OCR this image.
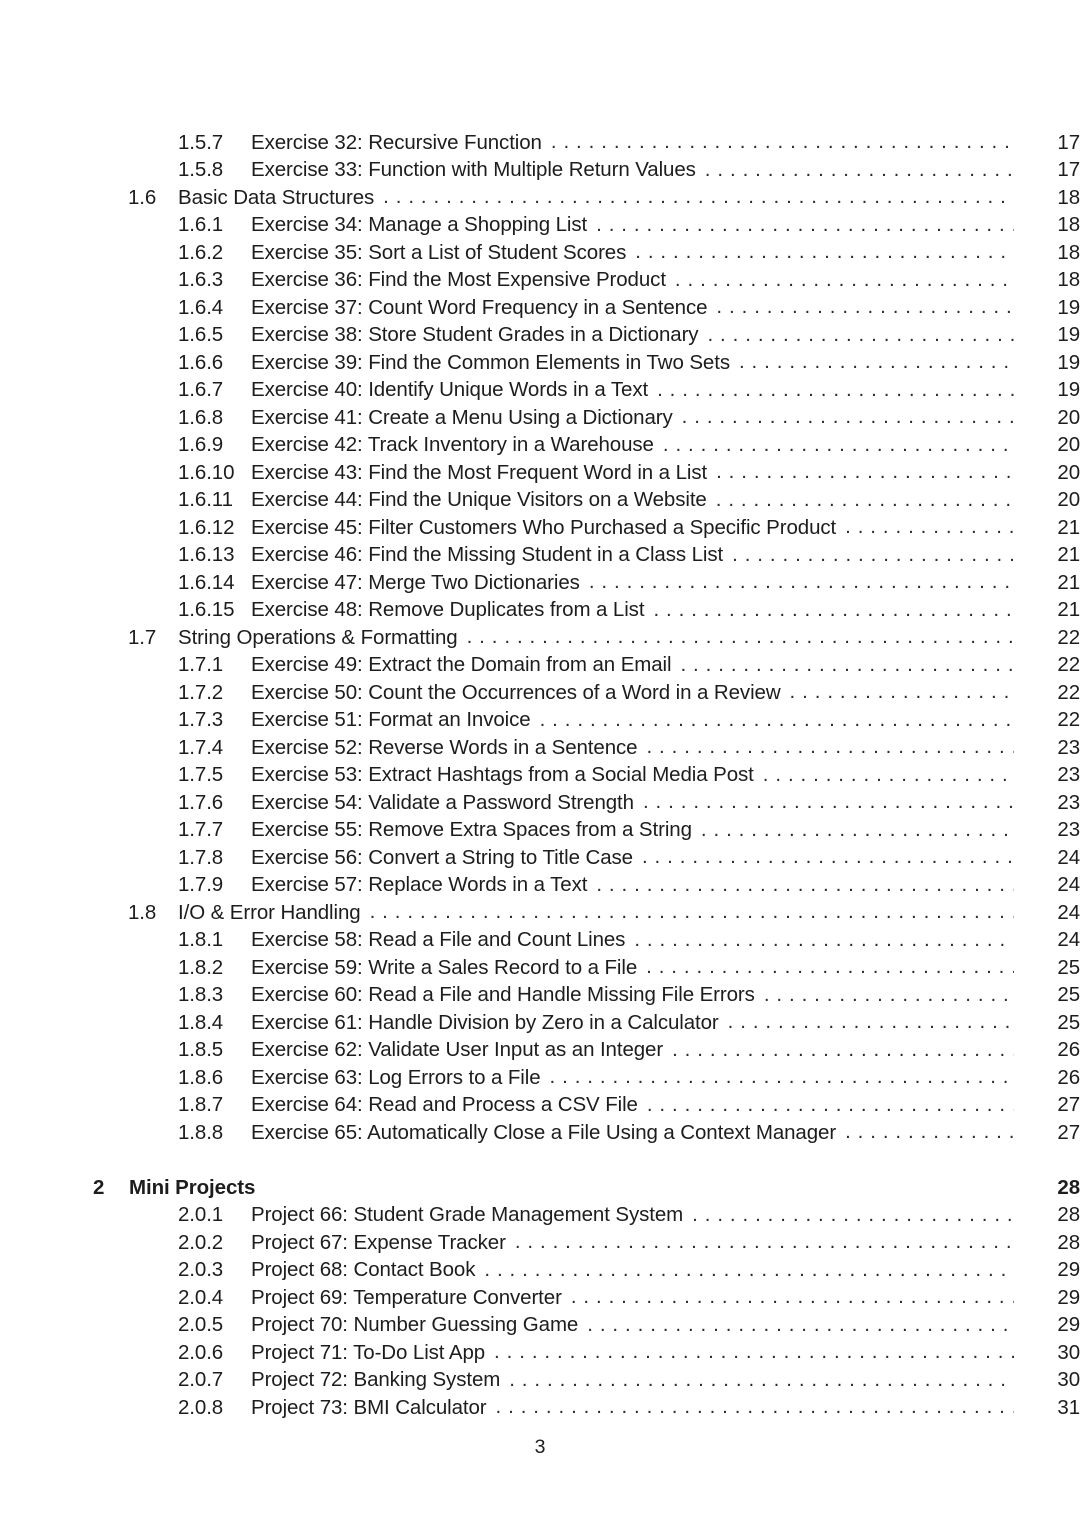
1.5.7	Exercise 32: Recursive Function . . .	17
1.5.8	Exercise 33: Function with Multiple Return Values . . .	17
1.6	Basic Data Structures . . .	18
1.6.1	Exercise 34: Manage a Shopping List . . .	18
1.6.2	Exercise 35: Sort a List of Student Scores . . .	18
1.6.3	Exercise 36: Find the Most Expensive Product . . .	18
1.6.4	Exercise 37: Count Word Frequency in a Sentence . . .	19
1.6.5	Exercise 38: Store Student Grades in a Dictionary . . .	19
1.6.6	Exercise 39: Find the Common Elements in Two Sets . . .	19
1.6.7	Exercise 40: Identify Unique Words in a Text . . .	19
1.6.8	Exercise 41: Create a Menu Using a Dictionary . . .	20
1.6.9	Exercise 42: Track Inventory in a Warehouse . . .	20
1.6.10 Exercise 43: Find the Most Frequent Word in a List . . .	20
1.6.11 Exercise 44: Find the Unique Visitors on a Website . . .	20
1.6.12 Exercise 45: Filter Customers Who Purchased a Specific Product . . .	21
1.6.13 Exercise 46: Find the Missing Student in a Class List . . .	21
1.6.14 Exercise 47: Merge Two Dictionaries . . .	21
1.6.15 Exercise 48: Remove Duplicates from a List . . .	21
1.7	String Operations & Formatting . . .	22
1.7.1	Exercise 49: Extract the Domain from an Email . . .	22
1.7.2	Exercise 50: Count the Occurrences of a Word in a Review . . .	22
1.7.3	Exercise 51: Format an Invoice . . .	22
1.7.4	Exercise 52: Reverse Words in a Sentence . . .	23
1.7.5	Exercise 53: Extract Hashtags from a Social Media Post . . .	23
1.7.6	Exercise 54: Validate a Password Strength . . .	23
1.7.7	Exercise 55: Remove Extra Spaces from a String . . .	23
1.7.8	Exercise 56: Convert a String to Title Case . . .	24
1.7.9	Exercise 57: Replace Words in a Text . . .	24
1.8	I/O & Error Handling . . .	24
1.8.1	Exercise 58: Read a File and Count Lines . . .	24
1.8.2	Exercise 59: Write a Sales Record to a File . . .	25
1.8.3	Exercise 60: Read a File and Handle Missing File Errors . . .	25
1.8.4	Exercise 61: Handle Division by Zero in a Calculator . . .	25
1.8.5	Exercise 62: Validate User Input as an Integer . . .	26
1.8.6	Exercise 63: Log Errors to a File . . .	26
1.8.7	Exercise 64: Read and Process a CSV File . . .	27
1.8.8	Exercise 65: Automatically Close a File Using a Context Manager . . .	27
2	Mini Projects	28
2.0.1	Project 66: Student Grade Management System . . .	28
2.0.2	Project 67: Expense Tracker . . .	28
2.0.3	Project 68: Contact Book . . .	29
2.0.4	Project 69: Temperature Converter . . .	29
2.0.5	Project 70: Number Guessing Game . . .	29
2.0.6	Project 71: To-Do List App . . .	30
2.0.7	Project 72: Banking System . . .	30
2.0.8	Project 73: BMI Calculator . . .	31
3
